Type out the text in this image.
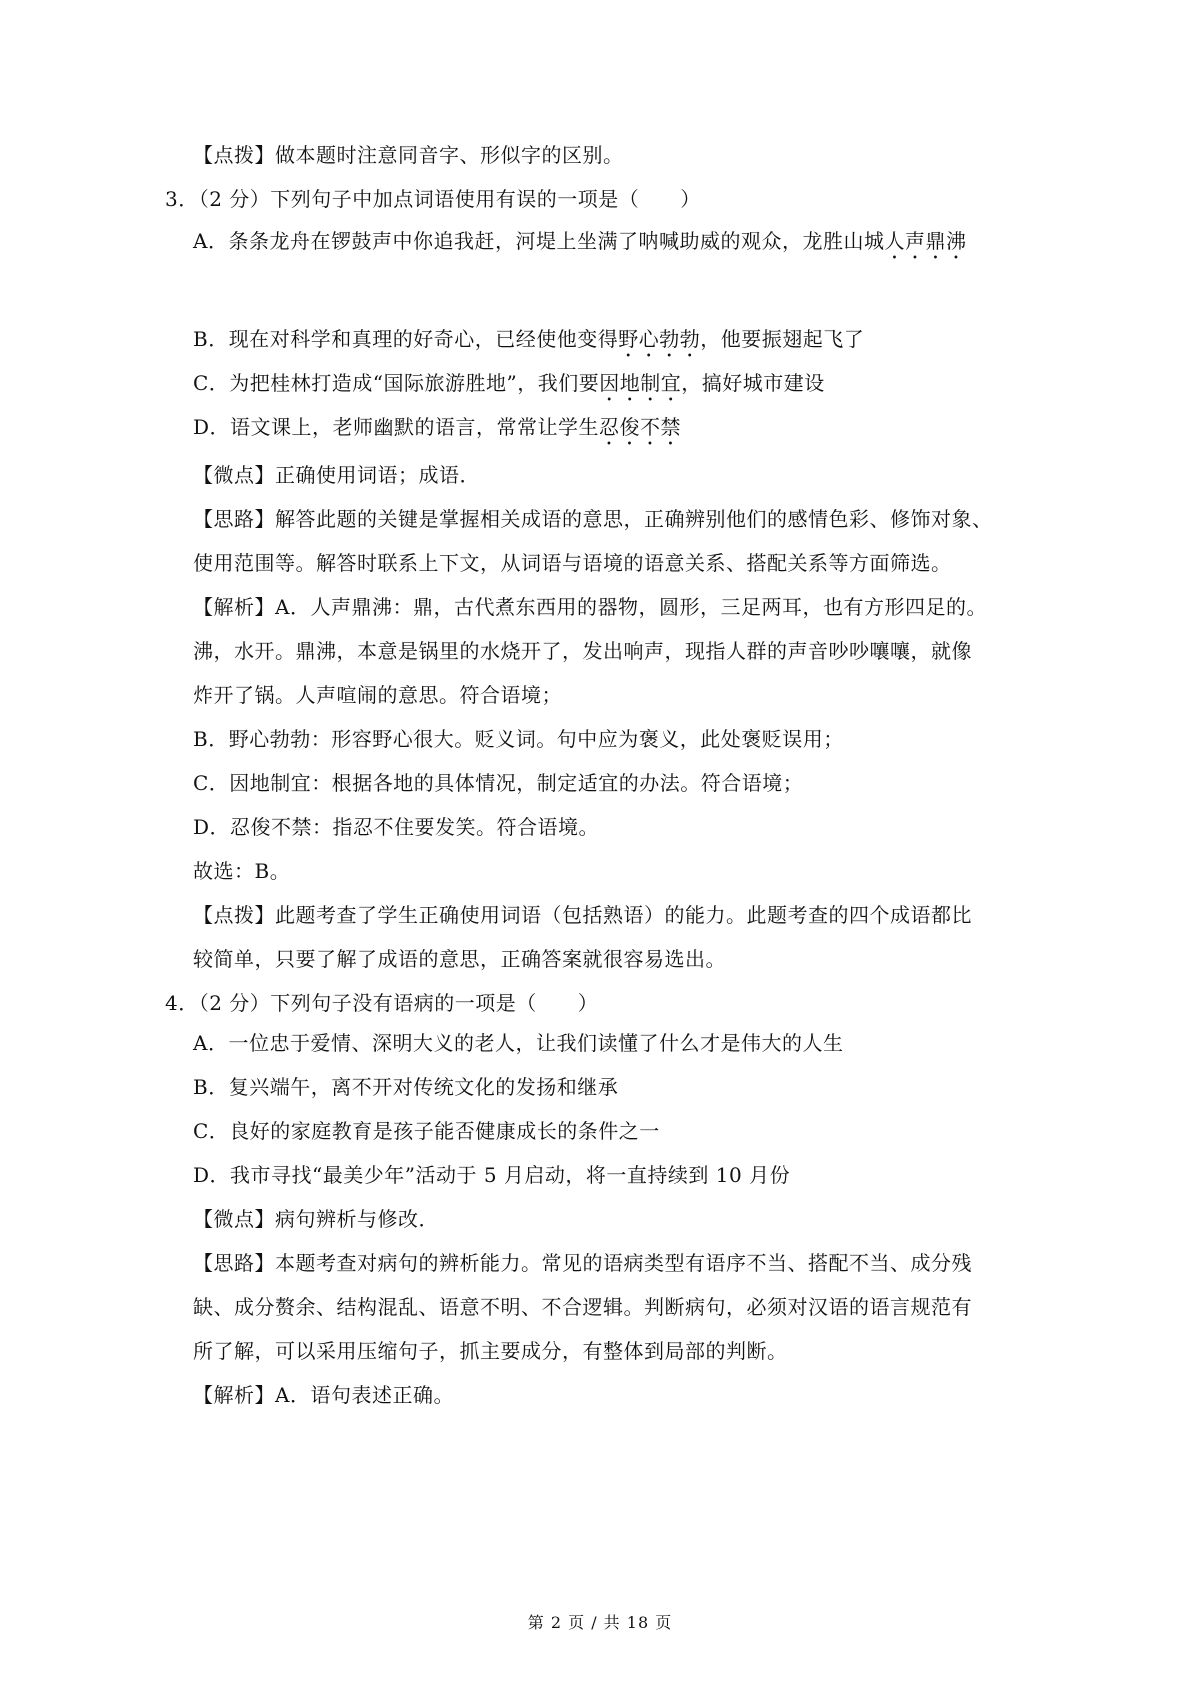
【点拨】做本题时注意同音字、形似字的区别。
3．（2 分）下列句子中加点词语使用有误的一项是（　　）
A．条条龙舟在锣鼓声中你追我赶，河堤上坐满了呐喊助威的观众，龙胜山城人声鼎沸
B．现在对科学和真理的好奇心，已经使他变得野心勃勃，他要振翅起飞了
C．为把桂林打造成“国际旅游胜地”，我们要因地制宜，搞好城市建设
D．语文课上，老师幽默的语言，常常让学生忍俊不禁
【微点】正确使用词语；成语．
【思路】解答此题的关键是掌握相关成语的意思，正确辨别他们的感情色彩、修饰对象、
使用范围等。解答时联系上下文，从词语与语境的语意关系、搭配关系等方面筛选。
【解析】A．人声鼎沸：鼎，古代煮东西用的器物，圆形，三足两耳，也有方形四足的。
沸，水开。鼎沸，本意是锅里的水烧开了，发出响声，现指人群的声音吵吵嚷嚷，就像
炸开了锅。人声喧闹的意思。符合语境；
B．野心勃勃：形容野心很大。贬义词。句中应为褒义，此处褒贬误用；
C．因地制宜：根据各地的具体情况，制定适宜的办法。符合语境；
D．忍俊不禁：指忍不住要发笑。符合语境。
故选：B。
【点拨】此题考查了学生正确使用词语（包括熟语）的能力。此题考查的四个成语都比
较简单，只要了解了成语的意思，正确答案就很容易选出。
4．（2 分）下列句子没有语病的一项是（　　）
A．一位忠于爱情、深明大义的老人，让我们读懂了什么才是伟大的人生
B．复兴端午，离不开对传统文化的发扬和继承
C．良好的家庭教育是孩子能否健康成长的条件之一
D．我市寻找“最美少年”活动于 5 月启动，将一直持续到 10 月份
【微点】病句辨析与修改．
【思路】本题考查对病句的辨析能力。常见的语病类型有语序不当、搭配不当、成分残
缺、成分赘余、结构混乱、语意不明、不合逻辑。判断病句，必须对汉语的语言规范有
所了解，可以采用压缩句子，抓主要成分，有整体到局部的判断。
【解析】A．语句表述正确。
第 2 页 / 共 18 页
